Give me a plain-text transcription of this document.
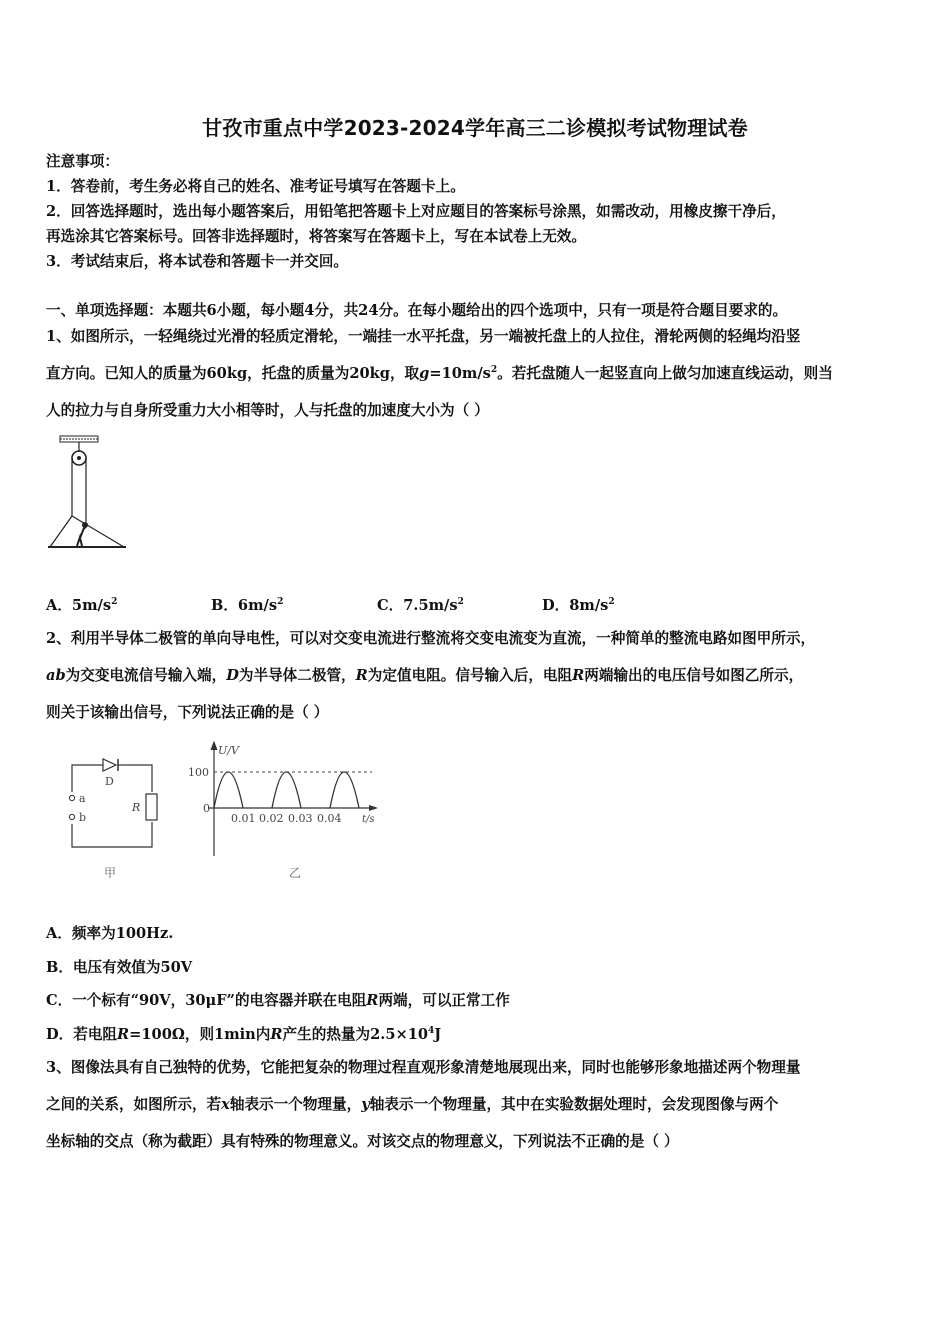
甘孜市重点中学2023-2024学年高三二诊模拟考试物理试卷
注意事项：
1．答卷前，考生务必将自己的姓名、准考证号填写在答题卡上。
2．回答选择题时，选出每小题答案后，用铅笔把答题卡上对应题目的答案标号涂黑，如需改动，用橡皮擦干净后，
再选涂其它答案标号。回答非选择题时，将答案写在答题卡上，写在本试卷上无效。
3．考试结束后，将本试卷和答题卡一并交回。
一、单项选择题：本题共6小题，每小题4分，共24分。在每小题给出的四个选项中，只有一项是符合题目要求的。
1、如图所示，一轻绳绕过光滑的轻质定滑轮，一端挂一水平托盘，另一端被托盘上的人拉住，滑轮两侧的轻绳均沿竖
直方向。已知人的质量为60kg，托盘的质量为20kg，取$g=10m/s^2$。若托盘随人一起竖直向上做匀加速直线运动，则当
人的拉力与自身所受重力大小相等时，人与托盘的加速度大小为（ ）
A．$5m/s^2$	B．$6m/s^2$	C．$7.5m/s^2$	D．$8m/s^2$
2、利用半导体二极管的单向导电性，可以对交变电流进行整流将交变电流变为直流，一种简单的整流电路如图甲所示，
ab为交变电流信号输入端，D为半导体二极管，R为定值电阻。信号输入后，电阻R两端输出的电压信号如图乙所示，
则关于该输出信号，下列说法正确的是（ ）
D
R
a
b
甲
U/V
100
0
0.01 0.02 0.03 0.04 t/s
乙
A．频率为100Hz.
B．电压有效值为50V
C．一个标有“90V，30μF”的电容器并联在电阻R两端，可以正常工作
D．若电阻R=100Ω，则1min内R产生的热量为$2.5\times 10^4J$
3、图像法具有自己独特的优势，它能把复杂的物理过程直观形象清楚地展现出来，同时也能够形象地描述两个物理量
之间的关系，如图所示，若x轴表示一个物理量，y轴表示一个物理量，其中在实验数据处理时，会发现图像与两个
坐标轴的交点（称为截距）具有特殊的物理意义。对该交点的物理意义，下列说法不正确的是（ ）
